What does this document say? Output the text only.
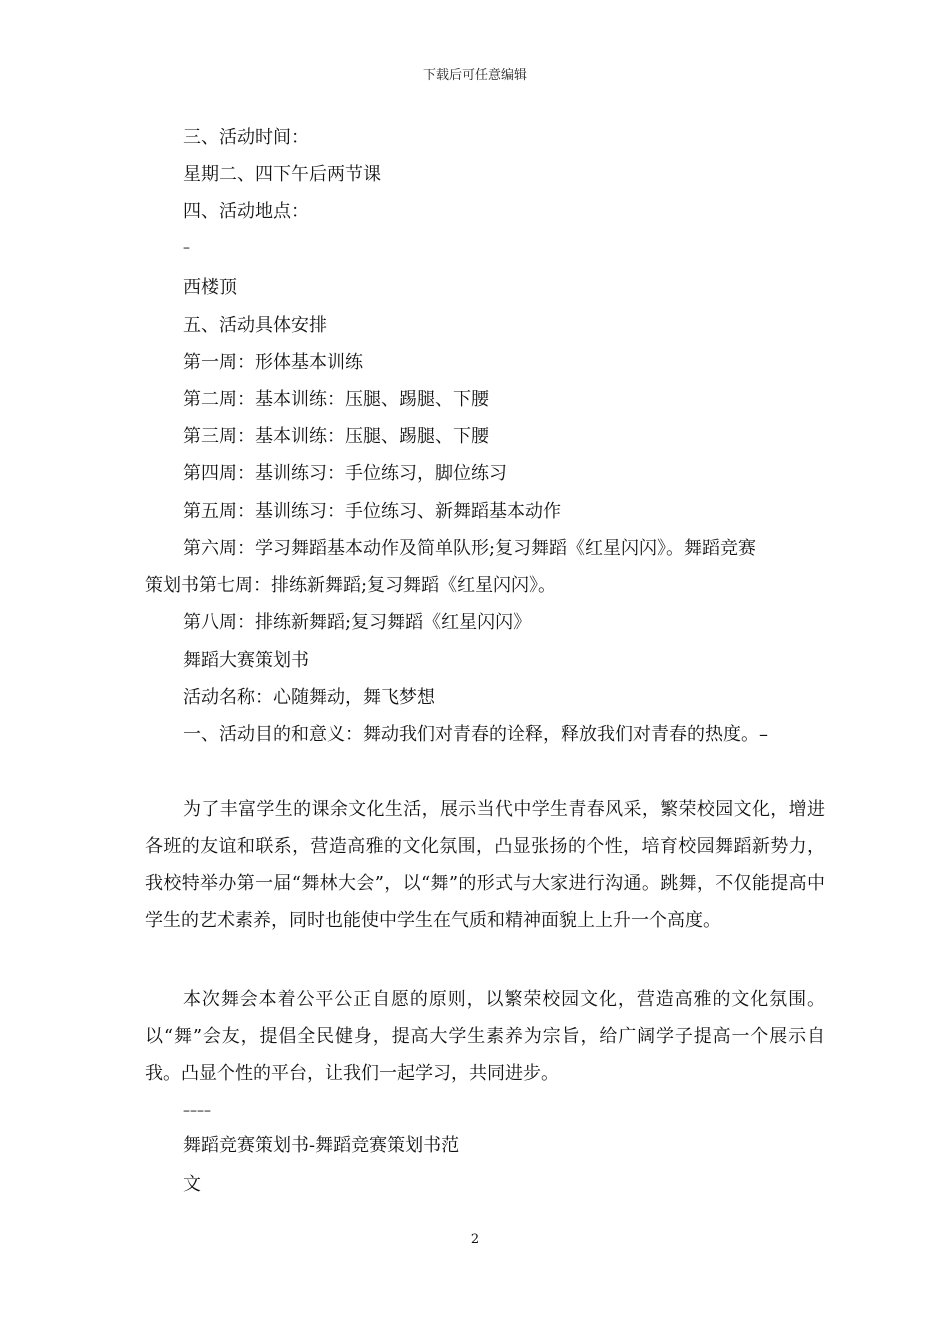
下载后可任意编辑
三、活动时间：
星期二、四下午后两节课
四、活动地点：
–
西楼顶
五、活动具体安排
第一周：形体基本训练
第二周：基本训练：压腿、踢腿、下腰
第三周：基本训练：压腿、踢腿、下腰
第四周：基训练习：手位练习，脚位练习
第五周：基训练习：手位练习、新舞蹈基本动作
第六周：学习舞蹈基本动作及简单队形;复习舞蹈《红星闪闪》。舞蹈竞赛
策划书第七周：排练新舞蹈;复习舞蹈《红星闪闪》。
第八周：排练新舞蹈;复习舞蹈《红星闪闪》
舞蹈大赛策划书
活动名称：心随舞动，舞飞梦想
一、活动目的和意义：舞动我们对青春的诠释，释放我们对青春的热度。–
为了丰富学生的课余文化生活，展示当代中学生青春风采，繁荣校园文化，增进各班的友谊和联系，营造高雅的文化氛围，凸显张扬的个性，培育校园舞蹈新势力，我校特举办第一届“舞林大会”，以“舞”的形式与大家进行沟通。跳舞，不仅能提高中学生的艺术素养，同时也能使中学生在气质和精神面貌上上升一个高度。
本次舞会本着公平公正自愿的原则，以繁荣校园文化，营造高雅的文化氛围。以“舞”会友，提倡全民健身，提高大学生素养为宗旨，给广阔学子提高一个展示自我。凸显个性的平台，让我们一起学习，共同进步。
––––
舞蹈竞赛策划书-舞蹈竞赛策划书范
文
2
